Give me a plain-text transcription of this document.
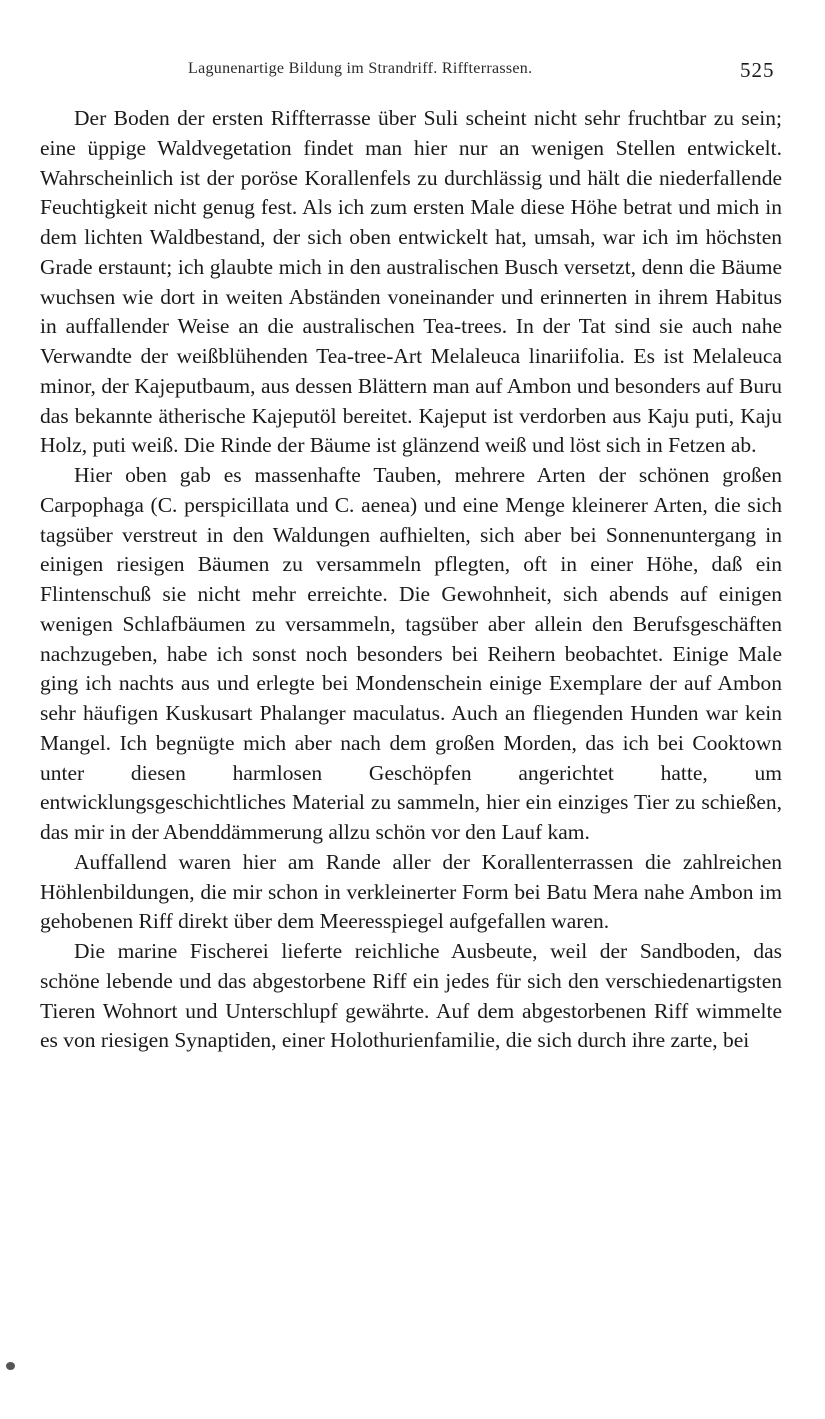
Lagunenartige Bildung im Strandriff. Riffterrassen.	525

Der Boden der ersten Riffterrasse über Suli scheint nicht sehr fruchtbar zu sein; eine üppige Waldvegetation findet man hier nur an wenigen Stellen entwickelt. Wahrscheinlich ist der poröse Korallenfels zu durchlässig und hält die niederfallende Feuchtigkeit nicht genug fest. Als ich zum ersten Male diese Höhe betrat und mich in dem lichten Waldbestand, der sich oben entwickelt hat, umsah, war ich im höchsten Grade erstaunt; ich glaubte mich in den australischen Busch versetzt, denn die Bäume wuchsen wie dort in weiten Abständen voneinander und erinnerten in ihrem Habitus in auffallender Weise an die australischen Tea-trees. In der Tat sind sie auch nahe Verwandte der weißblühenden Tea-tree-Art Melaleuca linariifolia. Es ist Melaleuca minor, der Kajeputbaum, aus dessen Blättern man auf Ambon und besonders auf Buru das bekannte ätherische Kajeputöl bereitet. Kajeput ist verdorben aus Kaju puti, Kaju Holz, puti weiß. Die Rinde der Bäume ist glänzend weiß und löst sich in Fetzen ab.

Hier oben gab es massenhafte Tauben, mehrere Arten der schönen großen Carpophaga (C. perspicillata und C. aenea) und eine Menge kleinerer Arten, die sich tagsüber verstreut in den Waldungen aufhielten, sich aber bei Sonnenuntergang in einigen riesigen Bäumen zu versammeln pflegten, oft in einer Höhe, daß ein Flintenschuß sie nicht mehr erreichte. Die Gewohnheit, sich abends auf einigen wenigen Schlafbäumen zu versammeln, tagsüber aber allein den Berufsgeschäften nachzugeben, habe ich sonst noch besonders bei Reihern beobachtet. Einige Male ging ich nachts aus und erlegte bei Mondenschein einige Exemplare der auf Ambon sehr häufigen Kuskusart Phalanger maculatus. Auch an fliegenden Hunden war kein Mangel. Ich begnügte mich aber nach dem großen Morden, das ich bei Cooktown unter diesen harmlosen Geschöpfen angerichtet hatte, um entwicklungsgeschichtliches Material zu sammeln, hier ein einziges Tier zu schießen, das mir in der Abenddämmerung allzu schön vor den Lauf kam.

Auffallend waren hier am Rande aller der Korallenterrassen die zahlreichen Höhlenbildungen, die mir schon in verkleinerter Form bei Batu Mera nahe Ambon im gehobenen Riff direkt über dem Meeresspiegel aufgefallen waren.

Die marine Fischerei lieferte reichliche Ausbeute, weil der Sandboden, das schöne lebende und das abgestorbene Riff ein jedes für sich den verschiedenartigsten Tieren Wohnort und Unterschlupf gewährte. Auf dem abgestorbenen Riff wimmelte es von riesigen Synaptiden, einer Holothurienfamilie, die sich durch ihre zarte, bei
